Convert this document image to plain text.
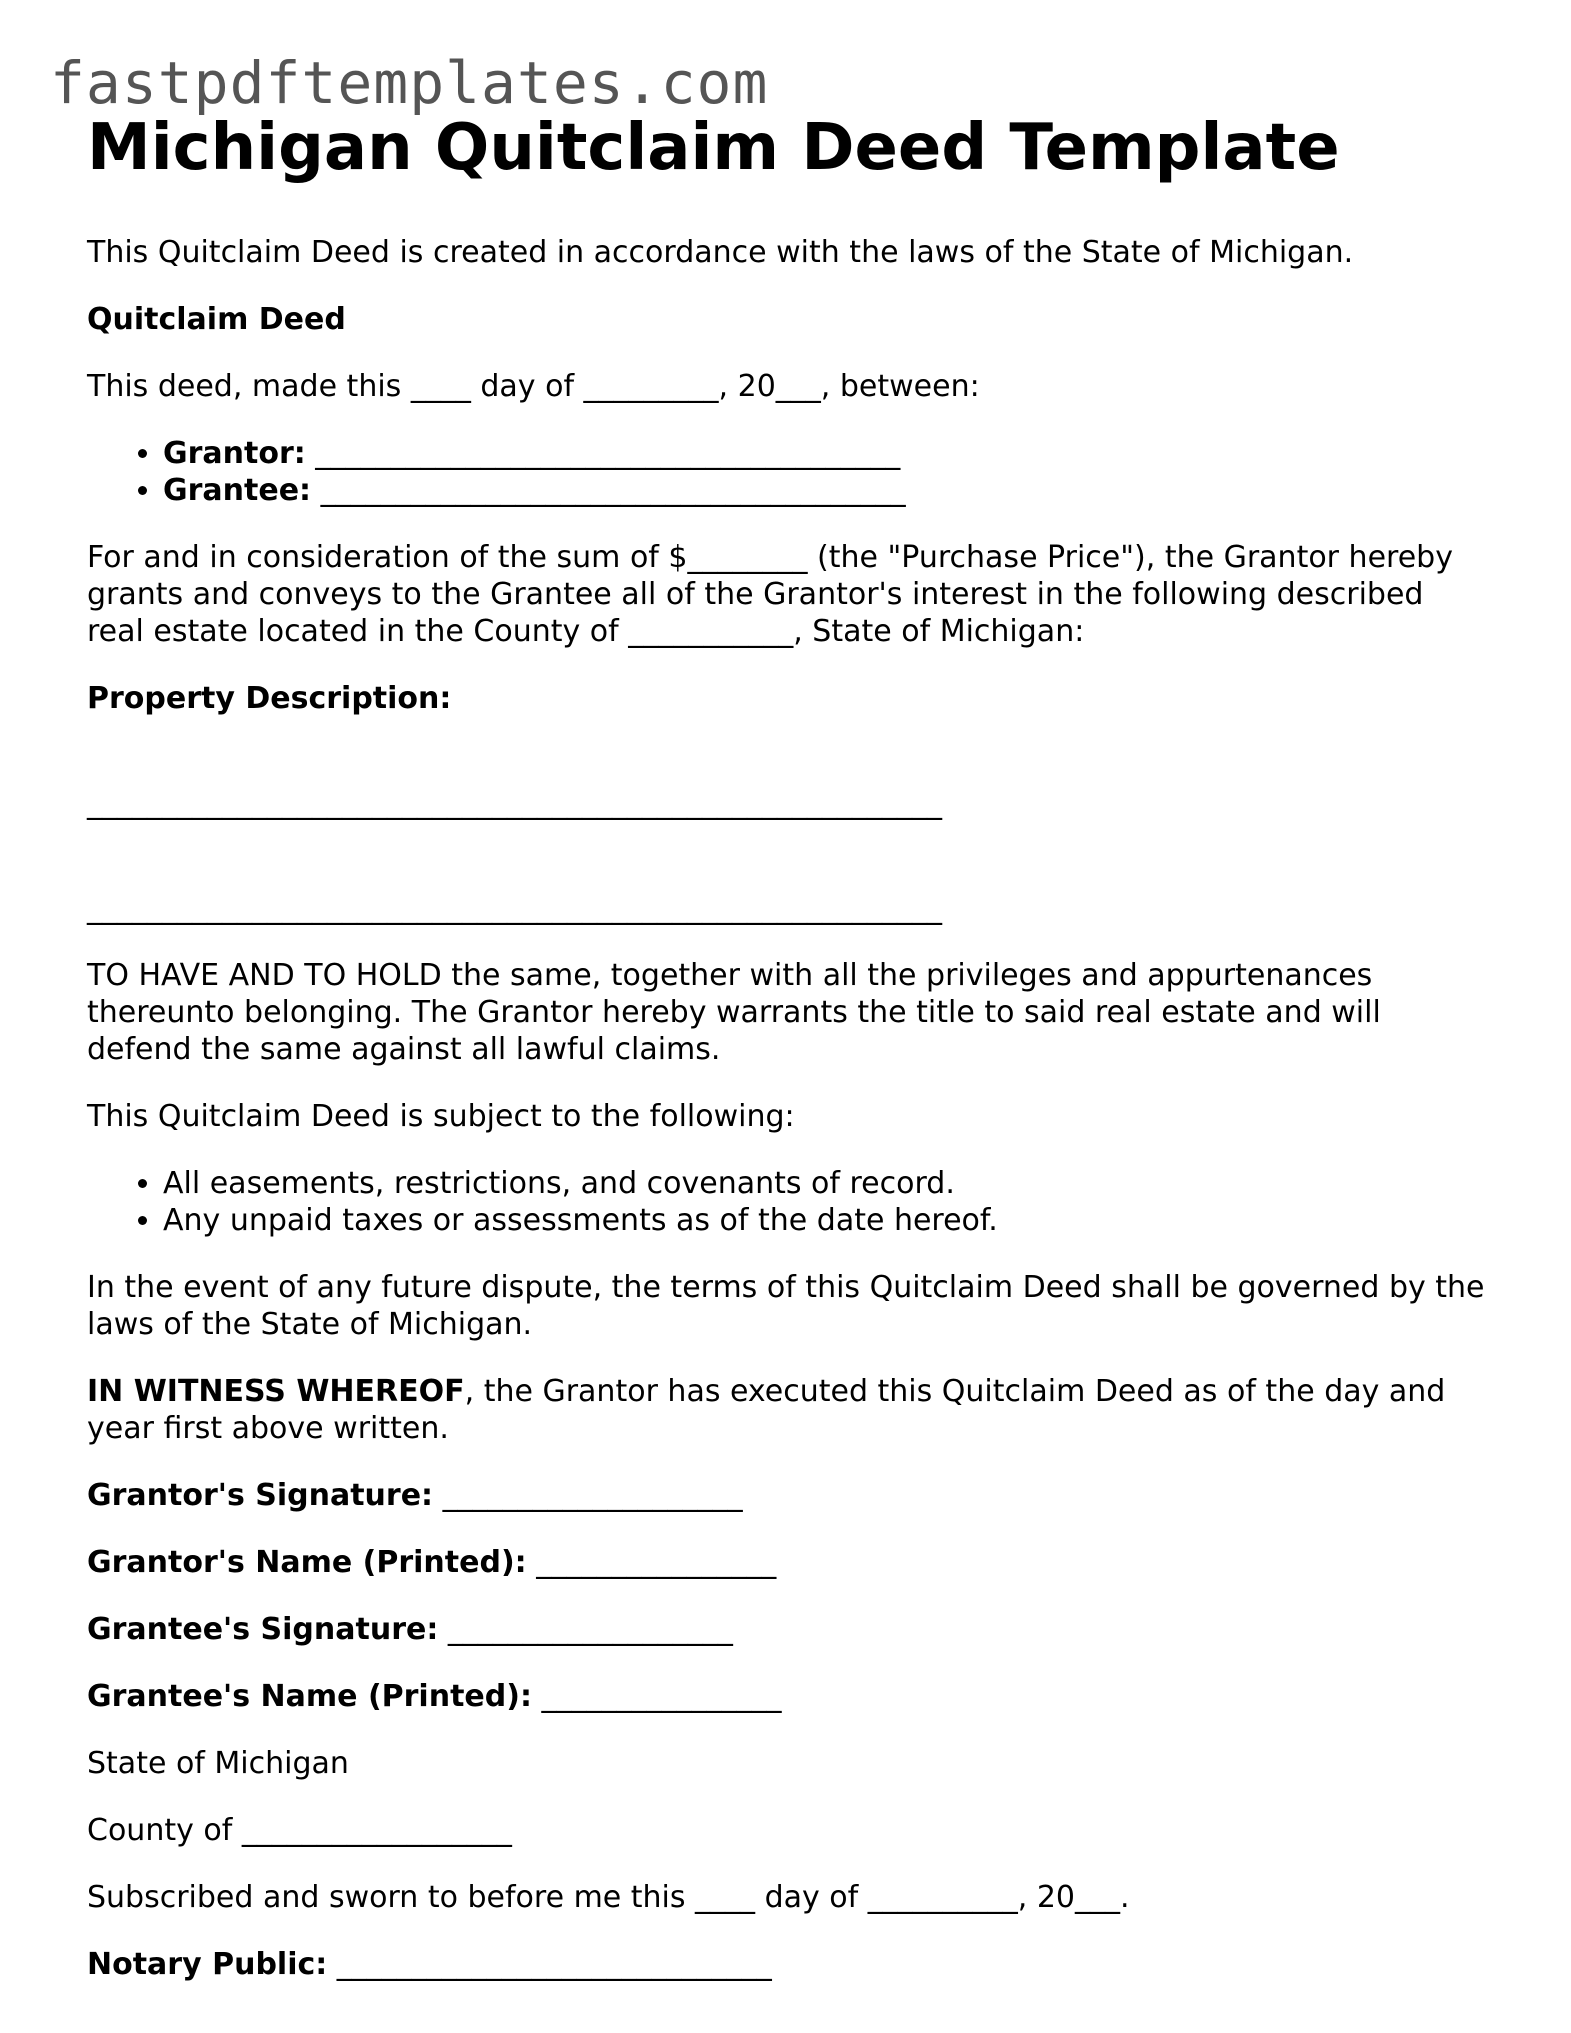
fastpdftemplates.com
Michigan Quitclaim Deed Template

This Quitclaim Deed is created in accordance with the laws of the State of Michigan.

Quitclaim Deed

This deed, made this ____ day of _________, 20___, between:

• Grantor: _______________________________________
• Grantee: _______________________________________

For and in consideration of the sum of $________ (the "Purchase Price"), the Grantor hereby grants and conveys to the Grantee all of the Grantor's interest in the following described real estate located in the County of ___________, State of Michigan:

Property Description:

_________________________________________________________

_________________________________________________________

TO HAVE AND TO HOLD the same, together with all the privileges and appurtenances thereunto belonging. The Grantor hereby warrants the title to said real estate and will defend the same against all lawful claims.

This Quitclaim Deed is subject to the following:

• All easements, restrictions, and covenants of record.
• Any unpaid taxes or assessments as of the date hereof.

In the event of any future dispute, the terms of this Quitclaim Deed shall be governed by the laws of the State of Michigan.

IN WITNESS WHEREOF, the Grantor has executed this Quitclaim Deed as of the day and year first above written.

Grantor's Signature: ____________________

Grantor's Name (Printed): ________________

Grantee's Signature: ___________________

Grantee's Name (Printed): ________________

State of Michigan

County of __________________

Subscribed and sworn to before me this ____ day of __________, 20___.

Notary Public: _____________________________
